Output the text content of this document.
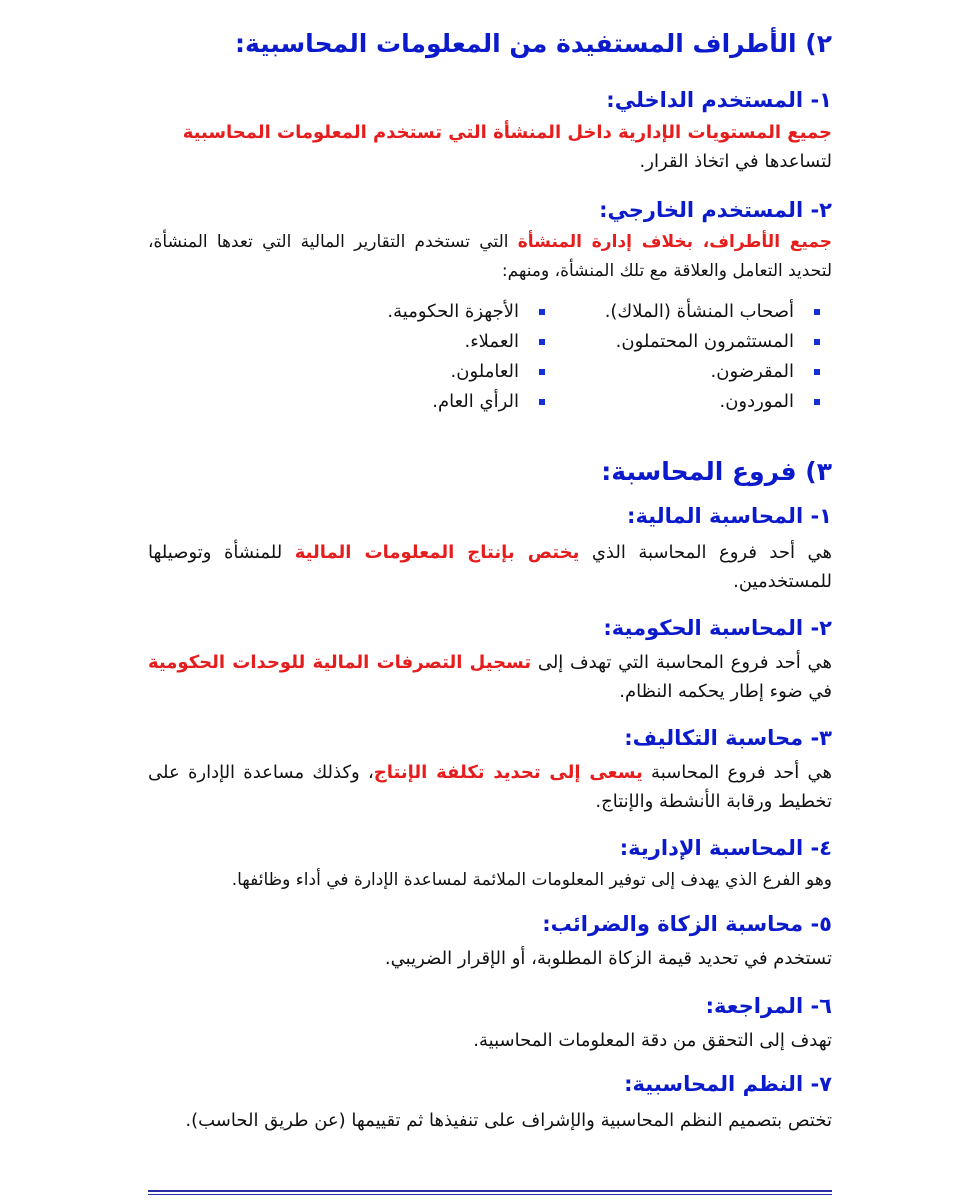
٢) الأطراف المستفيدة من المعلومات المحاسبية:

١- المستخدم الداخلي:

جميع المستويات الإدارية داخل المنشأة التي تستخدم المعلومات المحاسبية
لتساعدها في اتخاذ القرار.

٢- المستخدم الخارجي:

جميع الأطراف، بخلاف إدارة المنشأة التي تستخدم التقارير المالية التي تعدها المنشأة، لتحديد التعامل والعلاقة مع تلك المنشأة، ومنهم:

أصحاب المنشأة (الملاك).
المستثمرون المحتملون.
المقرضون.
الموردون.
الأجهزة الحكومية.
العملاء.
العاملون.
الرأي العام.

٣) فروع المحاسبة:

١- المحاسبة المالية:

هي أحد فروع المحاسبة الذي يختص بإنتاج المعلومات المالية للمنشأة وتوصيلها للمستخدمين.

٢- المحاسبة الحكومية:

هي أحد فروع المحاسبة التي تهدف إلى تسجيل التصرفات المالية للوحدات الحكومية في ضوء إطار يحكمه النظام.

٣- محاسبة التكاليف:

هي أحد فروع المحاسبة يسعى إلى تحديد تكلفة الإنتاج، وكذلك مساعدة الإدارة على تخطيط ورقابة الأنشطة والإنتاج.

٤- المحاسبة الإدارية:

وهو الفرع الذي يهدف إلى توفير المعلومات الملائمة لمساعدة الإدارة في أداء وظائفها.

٥- محاسبة الزكاة والضرائب:

تستخدم في تحديد قيمة الزكاة المطلوبة، أو الإقرار الضريبي.

٦- المراجعة:

تهدف إلى التحقق من دقة المعلومات المحاسبية.

٧- النظم المحاسبية:

تختص بتصميم النظم المحاسبية والإشراف على تنفيذها ثم تقييمها (عن طريق الحاسب).
